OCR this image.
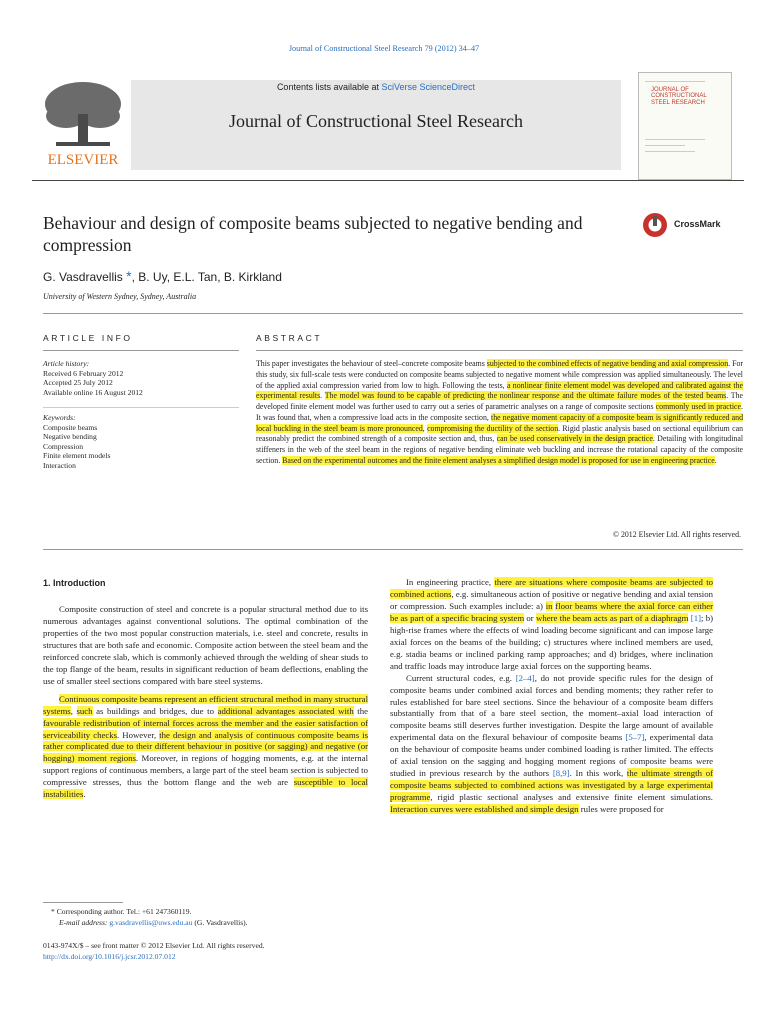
Journal of Constructional Steel Research 79 (2012) 34–47
ELSEVIER
Contents lists available at SciVerse ScienceDirect
Journal of Constructional Steel Research
JOURNAL OF CONSTRUCTIONAL STEEL RESEARCH
Behaviour and design of composite beams subjected to negative bending and compression
CrossMark
G. Vasdravellis *, B. Uy, E.L. Tan, B. Kirkland
University of Western Sydney, Sydney, Australia
ARTICLE INFO	ABSTRACT
Article history:
Received 6 February 2012
Accepted 25 July 2012
Available online 16 August 2012
Keywords:
Composite beams
Negative bending
Compression
Finite element models
Interaction
This paper investigates the behaviour of steel–concrete composite beams subjected to the combined effects of negative bending and axial compression. For this study, six full-scale tests were conducted on composite beams subjected to negative moment while compression was applied simultaneously. The level of the applied axial compression varied from low to high. Following the tests, a nonlinear finite element model was developed and calibrated against the experimental results. The model was found to be capable of predicting the nonlinear response and the ultimate failure modes of the tested beams. The developed finite element model was further used to carry out a series of parametric analyses on a range of composite sections commonly used in practice. It was found that, when a compressive load acts in the composite section, the negative moment capacity of a composite beam is significantly reduced and local buckling in the steel beam is more pronounced, compromising the ductility of the section. Rigid plastic analysis based on sectional equilibrium can reasonably predict the combined strength of a composite section and, thus, can be used conservatively in the design practice. Detailing with longitudinal stiffeners in the web of the steel beam in the regions of negative bending eliminate web buckling and increase the rotational capacity of the composite section. Based on the experimental outcomes and the finite element analyses a simplified design model is proposed for use in engineering practice.
© 2012 Elsevier Ltd. All rights reserved.
1. Introduction

Composite construction of steel and concrete is a popular structural method due to its numerous advantages against conventional solutions. The optimal combination of the properties of the two most popular construction materials, i.e. steel and concrete, results in structures that are both safe and economic. Composite action between the steel beam and the reinforced concrete slab, which is commonly achieved through the welding of shear studs to the top flange of the beam, results in significant reduction of beam deflections, enabling the use of smaller steel sections compared with bare steel systems.

Continuous composite beams represent an efficient structural method in many structural systems, such as buildings and bridges, due to additional advantages associated with the favourable redistribution of internal forces across the member and the easier satisfaction of serviceability checks. However, the design and analysis of continuous composite beams is rather complicated due to their different behaviour in positive (or sagging) and negative (or hogging) moment regions. Moreover, in regions of hogging moments, e.g. at the internal support regions of continuous members, a large part of the steel beam section is subjected to compressive stresses, thus the bottom flange and the web are susceptible to local instabilities.

In engineering practice, there are situations where composite beams are subjected to combined actions, e.g. simultaneous action of positive or negative bending and axial tension or compression. Such examples include: a) in floor beams where the axial force can either be as part of a specific bracing system or where the beam acts as part of a diaphragm [1]; b) high-rise frames where the effects of wind loading become significant and can impose large axial forces on the beams of the building; c) structures where inclined members are used, e.g. stadia beams or inclined parking ramp approaches; and d) bridges, where inclination and traffic loads may introduce large axial forces on the supporting beams.

Current structural codes, e.g. [2–4], do not provide specific rules for the design of composite beams under combined axial forces and bending moments; they rather refer to rules established for bare steel sections. Since the behaviour of a composite beam differs substantially from that of a bare steel section, the moment–axial load interaction of composite beams still deserves further investigation. Despite the large amount of available experimental data on the flexural behaviour of composite beams [5–7], experimental data on the behaviour of composite beams under combined loading is rather limited. The effects of axial tension on the sagging and hogging moment regions of composite beams were studied in previous research by the authors [8,9]. In this work, the ultimate strength of composite beams subjected to combined actions was investigated by a large experimental programme, rigid plastic sectional analyses and extensive finite element simulations. Interaction curves were established and simple design rules were proposed for

* Corresponding author. Tel.: +61 247360119.
E-mail address: g.vasdravellis@uws.edu.au (G. Vasdravellis).
0143-974X/$ – see front matter © 2012 Elsevier Ltd. All rights reserved.
http://dx.doi.org/10.1016/j.jcsr.2012.07.012
